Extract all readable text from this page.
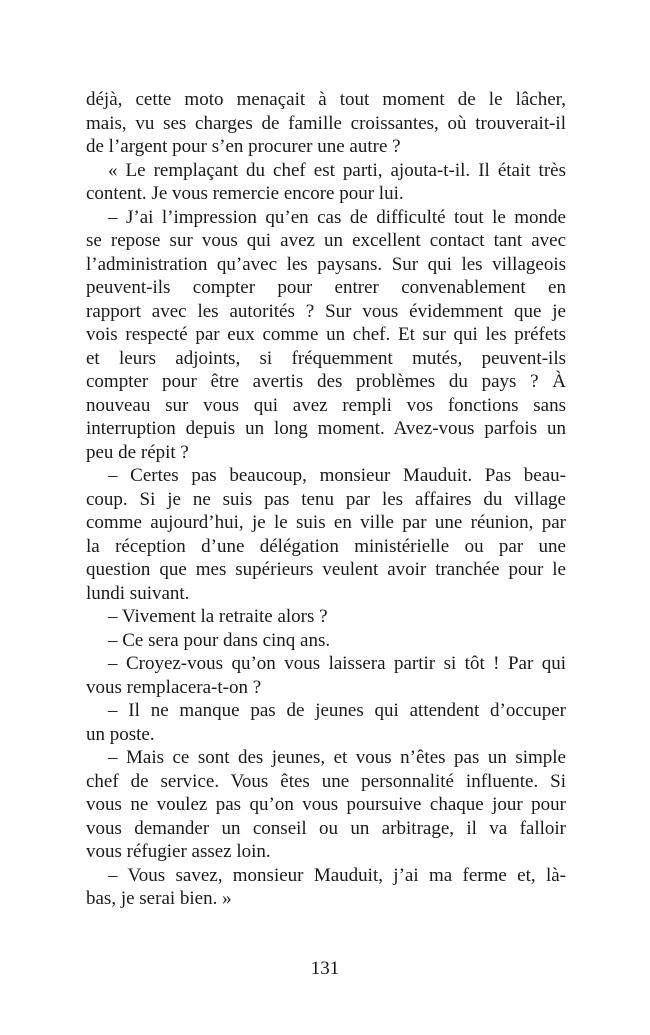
déjà, cette moto menaçait à tout moment de le lâcher,
mais, vu ses charges de famille croissantes, où trouverait-il
de l’argent pour s’en procurer une autre ?
« Le remplaçant du chef est parti, ajouta-t-il. Il était très
content. Je vous remercie encore pour lui.
– J’ai l’impression qu’en cas de difficulté tout le monde
se repose sur vous qui avez un excellent contact tant avec
l’administration qu’avec les paysans. Sur qui les villageois
peuvent-ils compter pour entrer convenablement en
rapport avec les autorités ? Sur vous évidemment que je
vois respecté par eux comme un chef. Et sur qui les préfets
et leurs adjoints, si fréquemment mutés, peuvent-ils
compter pour être avertis des problèmes du pays ? À
nouveau sur vous qui avez rempli vos fonctions sans
interruption depuis un long moment. Avez-vous parfois un
peu de répit ?
– Certes pas beaucoup, monsieur Mauduit. Pas beau-
coup. Si je ne suis pas tenu par les affaires du village
comme aujourd’hui, je le suis en ville par une réunion, par
la réception d’une délégation ministérielle ou par une
question que mes supérieurs veulent avoir tranchée pour le
lundi suivant.
– Vivement la retraite alors ?
– Ce sera pour dans cinq ans.
– Croyez-vous qu’on vous laissera partir si tôt ! Par qui
vous remplacera-t-on ?
– Il ne manque pas de jeunes qui attendent d’occuper
un poste.
– Mais ce sont des jeunes, et vous n’êtes pas un simple
chef de service. Vous êtes une personnalité influente. Si
vous ne voulez pas qu’on vous poursuive chaque jour pour
vous demander un conseil ou un arbitrage, il va falloir
vous réfugier assez loin.
– Vous savez, monsieur Mauduit, j’ai ma ferme et, là-
bas, je serai bien. »
131
